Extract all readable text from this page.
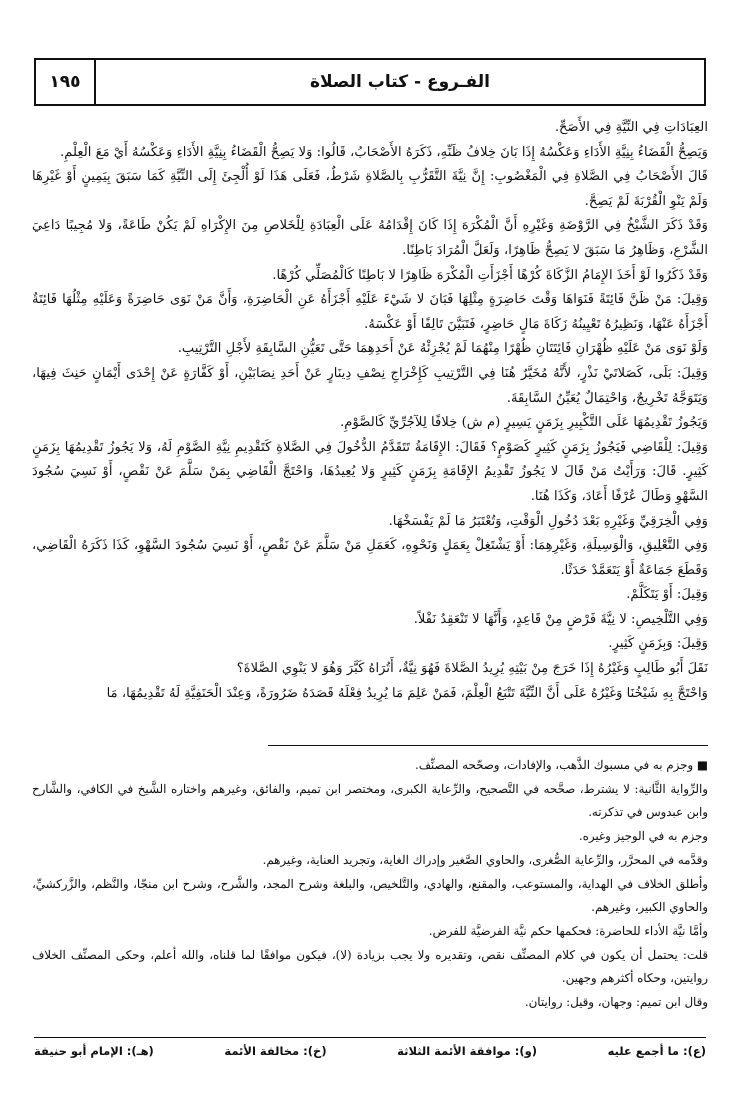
١٩٥	الفـروع - كتاب الصلاة

العِبَادَاتِ فِي النِّيَّةِ فِي الأَصَحِّ.

وَيَصِحُّ الْقَضَاءُ بِنِيَّةِ الأَدَاءِ وَعَكْسُهُ إِذَا بَانَ خِلافُ ظَنِّهِ، ذَكَرَهُ الأَصْحَابُ، قَالُوا: وَلا يَصِحُّ الْقَضَاءُ بِنِيَّةِ الأَدَاءِ وَعَكْسُهُ أَيْ مَعَ الْعِلْمِ.

قَالَ الأَصْحَابُ فِي الصَّلاةِ فِي الْمَغْصُوبِ: إِنَّ نِيَّةَ التَّقَرُّبِ بِالصَّلاةِ شَرْطٌ، فَعَلَى هَذَا لَوْ أُلْجِئَ إِلَى النِّيَّةِ كَمَا سَبَقَ بِيَمِينٍ أَوْ غَيْرِهَا وَلَمْ يَنْوِ الْقُرْبَةَ لَمْ يَصِحَّ.

وَقَدْ ذَكَرَ الشَّيْخُ فِي الرَّوْضَةِ وَغَيْرِهِ أَنَّ الْمُكْرَهَ إِذَا كَانَ إِقْدَامُهُ عَلَى الْعِبَادَةِ لِلْخَلاصِ مِنَ الإِكْرَاهِ لَمْ يَكُنْ طَاعَةً، وَلا مُجِيبًا دَاعِيَ الشَّرْعِ، وَظَاهِرُ مَا سَبَقَ لا يَصِحُّ ظَاهِرًا، وَلَعَلَّ الْمُرَادَ بَاطِنًا.

وَقَدْ ذَكَرُوا لَوْ أَخَذَ الإِمَامُ الزَّكَاةَ كُرْهًا أَجْزَأَتِ الْمُكْرَهَ ظَاهِرًا لا بَاطِنًا كَالْمُصَلِّي كُرْهًا.

وَقِيلَ: مَنْ ظَنَّ فَائِتَةً فَنَوَاهَا وَقْتَ حَاضِرَةٍ مِثْلِهَا فَبَانَ لا شَيْءَ عَلَيْهِ أَجْزَأَهُ عَنِ الْحَاضِرَةِ، وَأَنَّ مَنْ نَوَى حَاضِرَةً وَعَلَيْهِ مِثْلُهَا فَائِتَةٌ أَجْزَأَهُ عَنْهَا، وَنَظِيرُهُ تَعْيِينُهُ زَكَاةَ مَالٍ حَاضِرٍ، فَتَبَيَّنَ تَالِفًا أَوْ عَكْسَهُ.

وَلَوْ نَوَى مَنْ عَلَيْهِ ظُهْرَانِ فَائِتَتَانِ ظُهْرًا مِنْهُمَا لَمْ يُجْزِئْهُ عَنْ أَحَدِهِمَا حَتَّى تَعَيُّنِ السَّابِقَةِ لأَجْلِ التَّرْتِيبِ.

وَقِيلَ: بَلَى، كَصَلاتَيْ نَذْرٍ، لأَنَّهُ مُخَيَّرٌ هُنَا فِي التَّرْتِيبِ كَإِخْرَاجِ نِصْفِ دِينَارٍ عَنْ أَحَدِ نِصَابَيْنِ، أَوْ كَفَّارَةٍ عَنْ إِحْدَى أَيْمَانٍ حَنِثَ فِيهَا، وَيَتَوَجَّهُ تَخْرِيجٌ، وَاحْتِمَالٌ يُعَيِّنُ السَّابِقَةَ.

وَيَجُوزُ تَقْدِيمُهَا عَلَى التَّكْبِيرِ بِزَمَنٍ يَسِيرٍ (م ش) خِلافًا لِلآجُرِّيِّ كَالصَّوْمِ.

وَقِيلَ: لِلْقَاضِي فَيَجُوزُ بِزَمَنٍ كَثِيرٍ كَصَوْمٍ؟ فَقَالَ: الإِقَامَةُ تَتَقَدَّمُ الدُّخُولَ فِي الصَّلاةِ كَتَقْدِيمِ نِيَّةِ الصَّوْمِ لَهُ، وَلا يَجُوزُ تَقْدِيمُهَا بِزَمَنٍ كَثِيرٍ. قَالَ: وَرَأَيْتُ مَنْ قَالَ لا يَجُوزُ تَقْدِيمُ الإِقَامَةِ بِزَمَنٍ كَثِيرٍ وَلا يُعِيدُهَا، وَاحْتَجَّ الْقَاضِي بِمَنْ سَلَّمَ عَنْ نَقْصٍ، أَوْ نَسِيَ سُجُودَ السَّهْوِ وَطَالَ عُرْفًا أَعَادَ، وَكَذَا هُنَا.

وَفِي الْخِرَقِيِّ وَغَيْرِهِ بَعْدَ دُخُولِ الْوَقْتِ، وَتُعْتَبَرُ مَا لَمْ يَفْسَخْهَا.

وَفِي التَّعْلِيقِ، وَالْوَسِيلَةِ، وَغَيْرِهِمَا: أَوْ يَشْتَغِلْ بِعَمَلٍ وَنَحْوِهِ، كَعَمَلِ مَنْ سَلَّمَ عَنْ نَقْصٍ، أَوْ نَسِيَ سُجُودَ السَّهْوِ، كَذَا ذَكَرَهُ الْقَاضِي، وَقَطَعَ جَمَاعَةٌ أَوْ يَتَعَمَّدْ حَدَثًا.

وَقِيلَ: أَوْ يَتَكَلَّمْ.

وَفِي التَّلْخِيصِ: لا نِيَّةَ فَرْضٍ مِنْ قَاعِدٍ، وَأَنَّهَا لا تَنْعَقِدُ نَفْلاً.

وَقِيلَ: وَبِزَمَنٍ كَثِيرٍ.

نَقَلَ أَبُو طَالِبٍ وَغَيْرُهُ إِذَا خَرَجَ مِنْ بَيْتِهِ يُرِيدُ الصَّلاةَ فَهُوَ نِيَّةٌ، أَتُرَاهُ كَبَّرَ وَهُوَ لا يَنْوِي الصَّلاةَ؟

وَاحْتَجَّ بِهِ شَيْخُنَا وَغَيْرُهُ عَلَى أَنَّ النِّيَّةَ تَتْبَعُ الْعِلْمَ، فَمَنْ عَلِمَ مَا يُرِيدُ فِعْلَهُ قَصَدَهُ ضَرُورَةً، وَعِنْدَ الْحَنَفِيَّةِ لَهُ تَقْدِيمُهَا، مَا

■ وجزم به في مسبوك الذَّهب، والإفادات، وصحّحه المصنِّف.

والرِّواية الثَّانية: لا يشترط، صحَّحه في التَّصحيح، والرِّعاية الكبرى، ومختصر ابن تميم، والفائق، وغيرهم واختاره الشَّيخ في الكافي، والشَّارح وابن عبدوس في تذكرته.

وجزم به في الوجيز وغيره.

وقدَّمه في المحرَّر، والرِّعاية الصُّغرى، والحاوي الصَّغير وإدراك الغاية، وتجريد العناية، وغيرهم.

وأطلق الخلاف في الهداية، والمستوعب، والمقنع، والهادي، والتَّلخيص، والبلغة وشرح المجد، والشَّرح، وشرح ابن منجّا، والنَّظم، والزَّركشيِّ، والحاوي الكبير، وغيرهم.

وأمَّا نيَّة الأداء للحاضرة: فحكمها حكم نيَّة الفرضيَّة للفرض.

قلت: يحتمل أن يكون في كلام المصنِّف نقص، وتقديره ولا يجب بزيادة (لا)، فيكون موافقًا لما قلناه، والله أعلم، وحكى المصنِّف الخلاف روايتين، وحكاه أكثرهم وجهين.

وقال ابن تميم: وجهان، وقيل: روايتان.

(ع): ما أجمع عليه
(و): موافقة الأئمة الثلاثة
(خ): مخالفة الأئمة
(هـ): الإمام أبو حنيفة
